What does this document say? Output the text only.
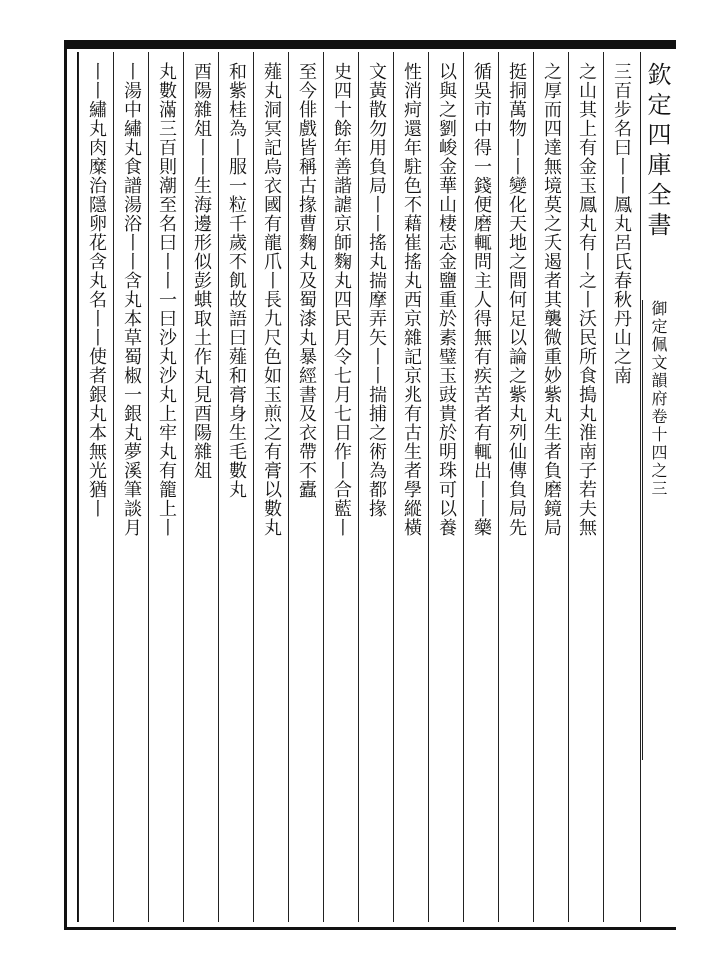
欽定四庫全書
御定佩文韻府卷十四之三
三百步名曰丨丨鳳丸呂氏春秋丹山之南
之山其上有金玉鳳丸有丨之丨沃民所食搗丸淮南子若夫無
之厚而四達無境莫之夭遏者其襲微重妙紫丸生者負磨鏡局
挺挏萬物丨丨變化天地之間何足以論之紫丸列仙傳負局先
循吳市中得一錢便磨輒問主人得無有疾苦者有輒出丨丨藥
以與之劉峻金華山棲志金鹽重於素璧玉豉貴於明珠可以養
性消疴還年駐色不藉崔搖丸西京雜記京兆有古生者學縱橫
文黃散勿用負局丨丨搖丸揣摩弄矢丨丨揣捕之術為都掾
史四十餘年善諧謔京師麴丸四民月令七月七日作丨合藍丨
至今俳戲皆稱古掾曹麴丸及蜀漆丸暴經書及衣帶不蠹
薤丸洞冥記烏衣國有龍爪丨長九尺色如玉煎之有膏以數丸
和紫桂為丨服一粒千歲不飢故語曰薤和膏身生毛數丸
酉陽雜俎丨丨生海邊形似彭蜞取土作丸見酉陽雜俎
丸數滿三百則潮至名曰丨丨一曰沙丸沙丸上牢丸有籠上丨
丨湯中繡丸食譜湯浴丨丨含丸本草蜀椒一銀丸夢溪筆談月
丨丨繡丸肉糜治隱卵花含丸名丨丨使者銀丸本無光猶丨
